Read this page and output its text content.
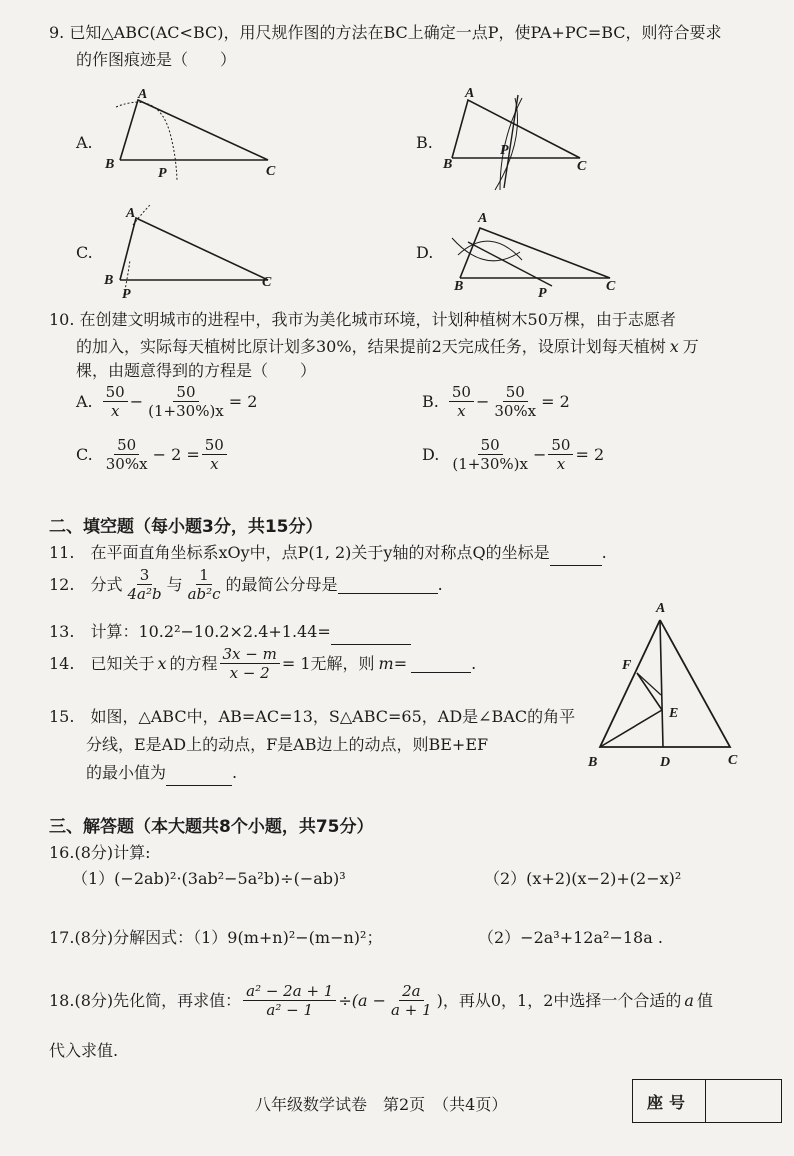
9. 已知△ABC(AC<BC)，用尺规作图的方法在BC上确定一点P，使PA+PC=BC，则符合要求
的作图痕迹是（　　）
A.
A
B	C
P
B.
A
B	C
P
C.
A
B	C
P
D.
A
B	C
P
10. 在创建文明城市的进程中，我市为美化城市环境，计划种植树木50万棵，由于志愿者
的加入，实际每天植树比原计划多30%，结果提前2天完成任务，设原计划每天植树 x 万
棵，由题意得到的方程是（　　）
A. $\frac{50}{x} - \frac{50}{(1+30\%)x} = 2$	B. $\frac{50}{x} - \frac{50}{30\%x} = 2$
C. $\frac{50}{30\%x} - 2 = \frac{50}{x}$	D. $\frac{50}{(1+30\%)x} - \frac{50}{x} = 2$
二、填空题（每小题3分，共15分）
11.　在平面直角坐标系xOy中，点P(1, 2)关于y轴的对称点Q的坐标是	.
12.　分式 $\frac{3}{\text{4a²b}}$ 与 $\frac{1}{\text{ab²c}}$ 的最简公分母是	.
13.　计算：10.2²−10.2×2.4+1.44=
14.　已知关于 x 的方程 $\frac{3x - m}{x - 2} = 1$无解，则 m =	.
15.　如图，△ABC中，AB=AC=13，S△ABC=65，AD是∠BAC的角平
分线，E是AD上的动点，F是AB边上的动点，则BE+EF
的最小值为	.
A
B	C
D
E
F
三、解答题（本大题共8个小题，共75分）
16.(8分)计算:
（1）(−2ab)²·(3ab²−5a²b)÷(−ab)³	（2）(x+2)(x−2)+(2−x)²
17.(8分)分解因式：（1）9(m+n)²−(m−n)²；	（2）−2a³+12a²−18a .
18.(8分)先化简，再求值： $\frac{\text{a² − 2a + 1}}{\text{a² − 1}} \div(a - \frac{2a}{a + 1}$ )，再从0，1，2中选择一个合适的 a 值
代入求值.
八年级数学试卷　第2页　（共4页）	座号
